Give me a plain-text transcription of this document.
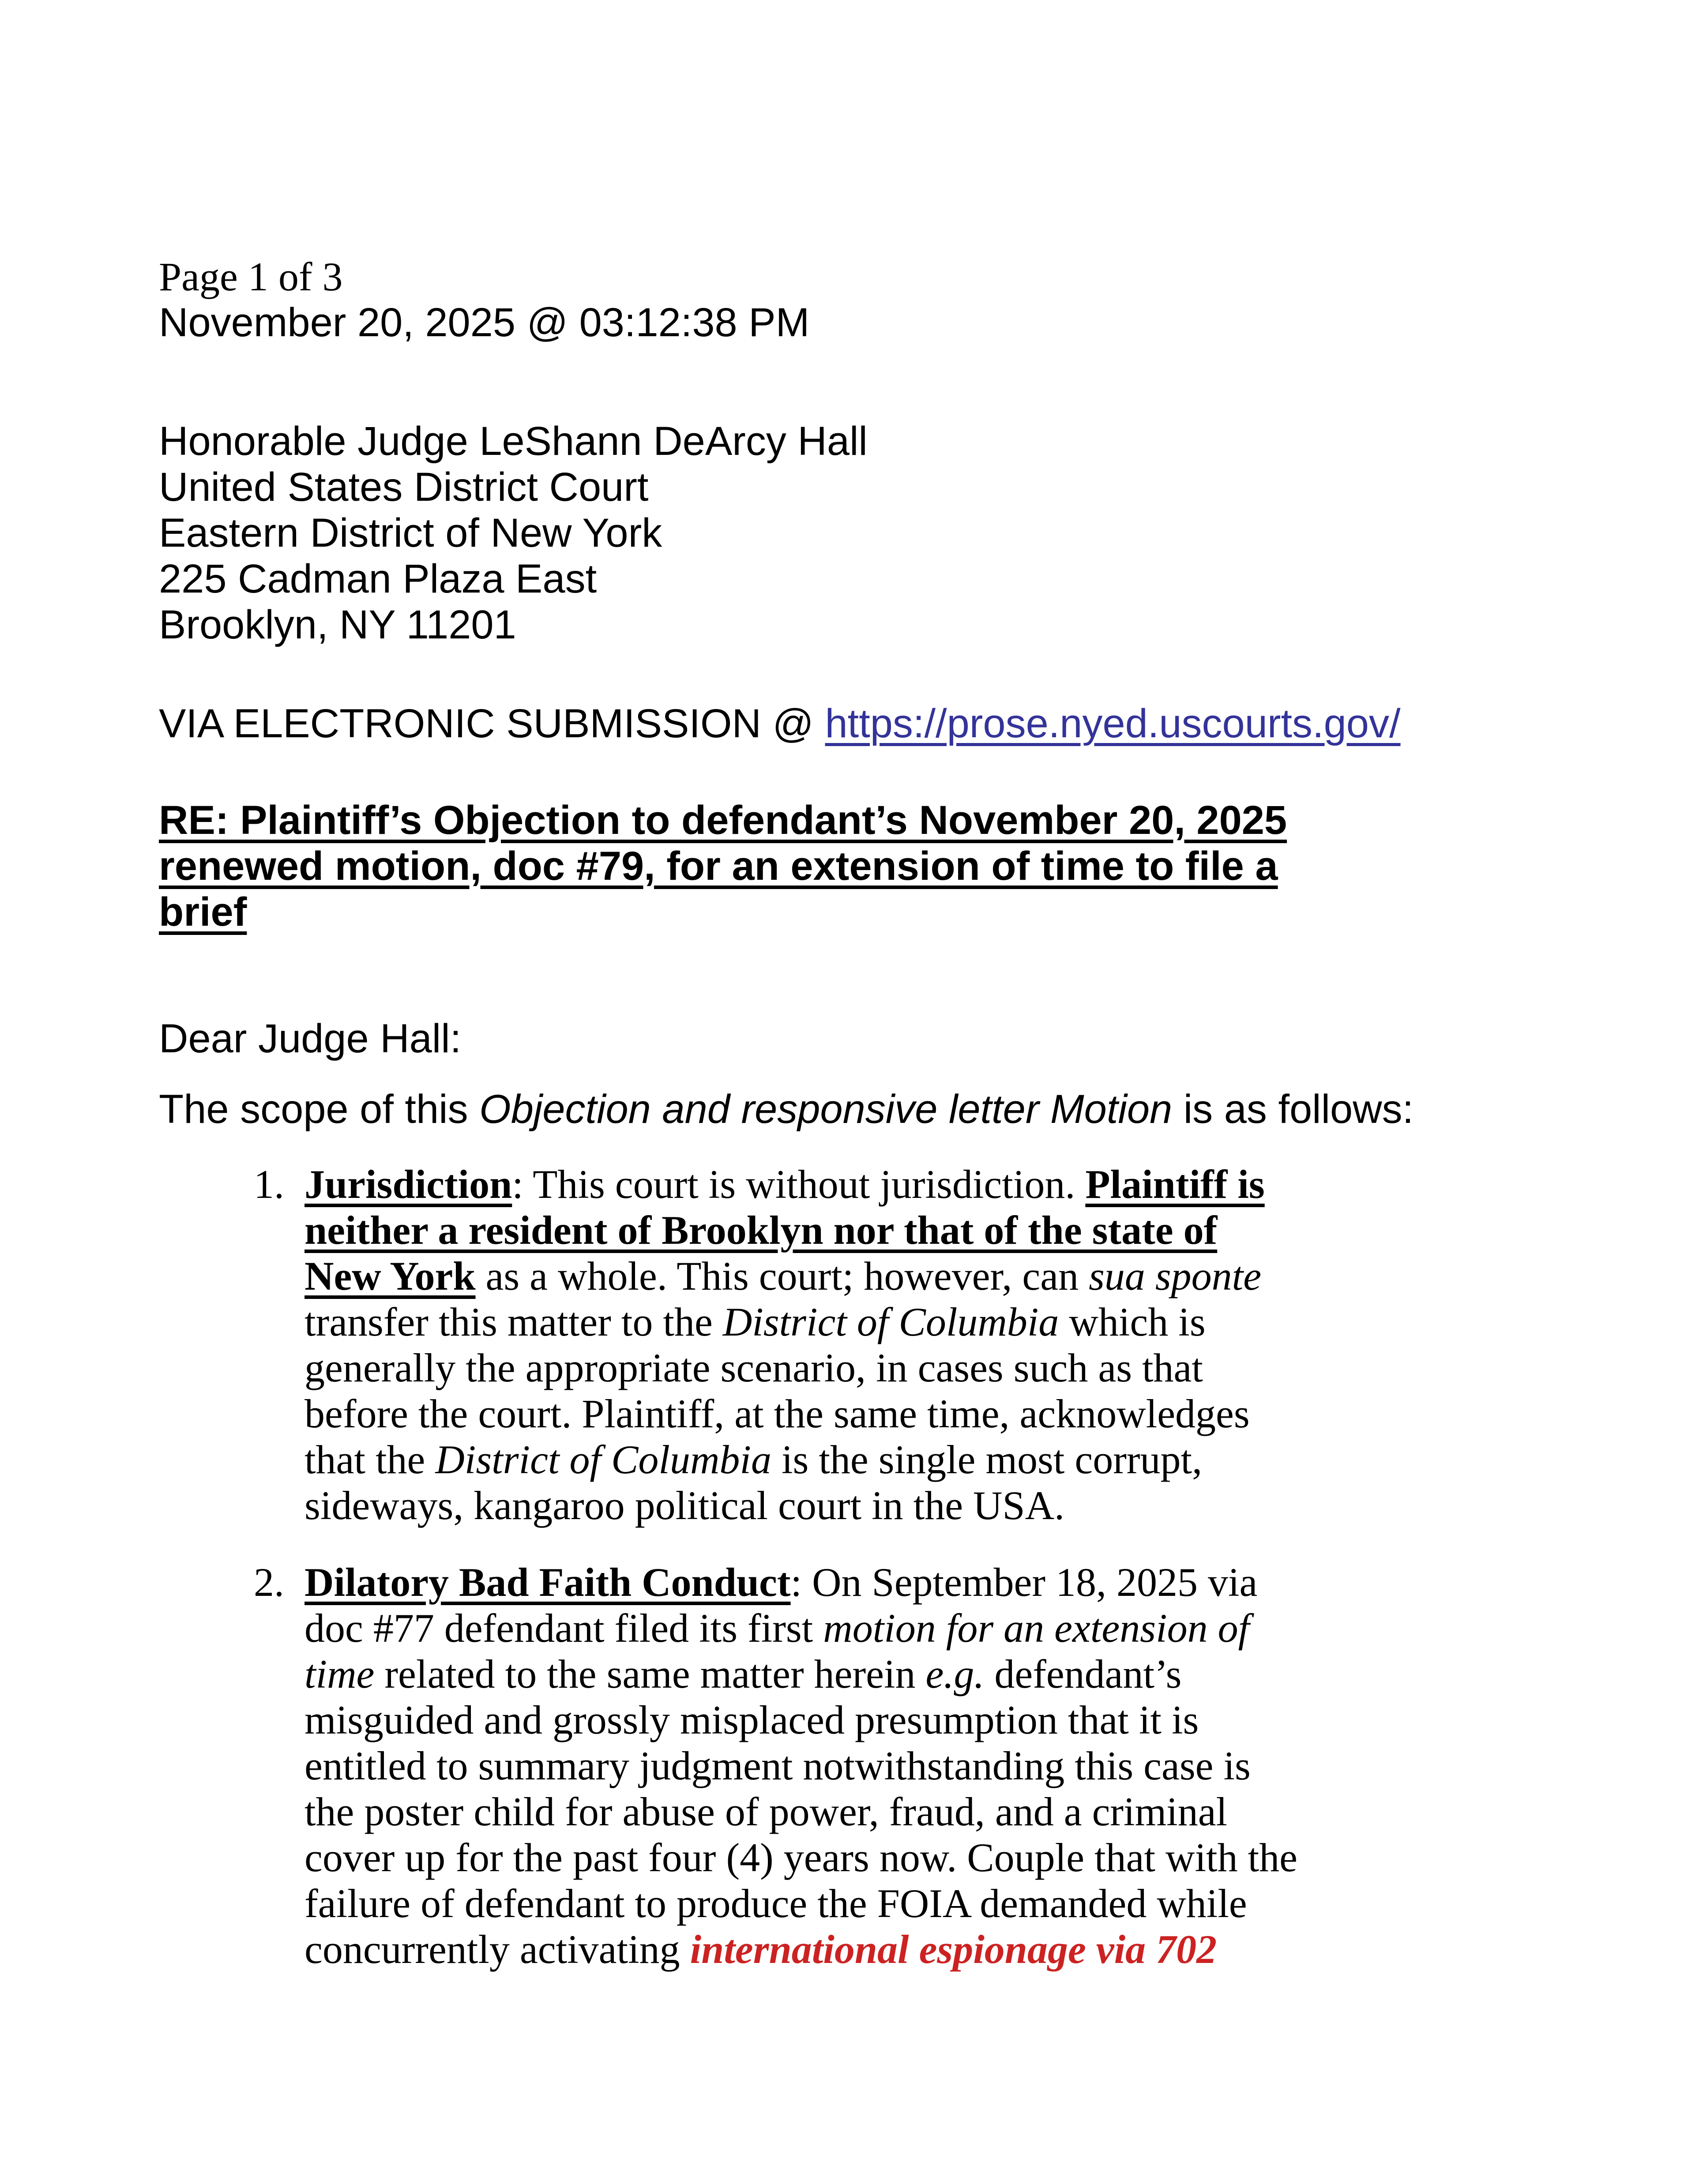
Page 1 of 3
November 20, 2025 @ 03:12:38 PM
Honorable Judge LeShann DeArcy Hall
United States District Court
Eastern District of New York
225 Cadman Plaza East
Brooklyn, NY 11201
VIA ELECTRONIC SUBMISSION @ https://prose.nyed.uscourts.gov/
RE: Plaintiff’s Objection to defendant’s November 20, 2025
renewed motion, doc #79, for an extension of time to file a
brief
Dear Judge Hall:
The scope of this Objection and responsive letter Motion is as follows:
1. Jurisdiction: This court is without jurisdiction. Plaintiff is
neither a resident of Brooklyn nor that of the state of
New York as a whole. This court; however, can sua sponte
transfer this matter to the District of Columbia which is
generally the appropriate scenario, in cases such as that
before the court. Plaintiff, at the same time, acknowledges
that the District of Columbia is the single most corrupt,
sideways, kangaroo political court in the USA.
2. Dilatory Bad Faith Conduct: On September 18, 2025 via
doc #77 defendant filed its first motion for an extension of
time related to the same matter herein e.g. defendant’s
misguided and grossly misplaced presumption that it is
entitled to summary judgment notwithstanding this case is
the poster child for abuse of power, fraud, and a criminal
cover up for the past four (4) years now. Couple that with the
failure of defendant to produce the FOIA demanded while
concurrently activating international espionage via 702
